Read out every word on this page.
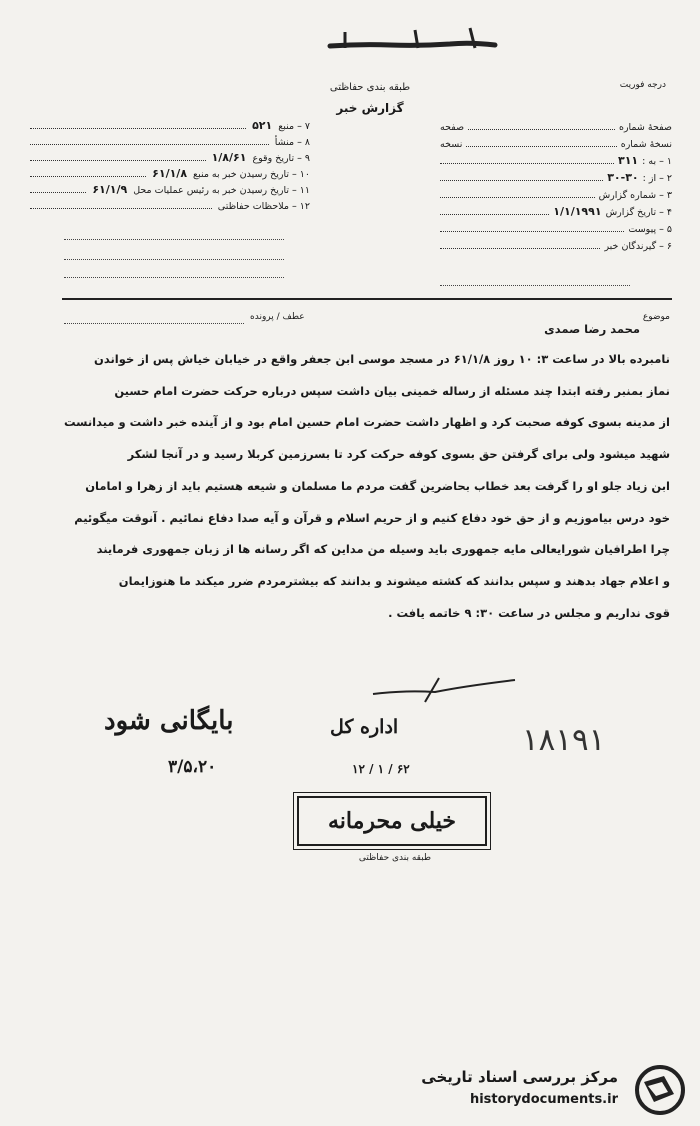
طبقه بندی حفاظتی
گزارش خبر
درجه فوریت
صفحهٔ شماره
صفحه
نسخهٔ شماره
نسخه
۱ – به :
۳۱۱
۲ – از :
۳۰-۳۰
۳ – شماره گزارش
۴ – تاریخ گزارش
۱/۱/۱۹۹۱
۵ – پیوست
۶ – گیرندگان خبر
۷ – منبع
۵۲۱
۸ – منشأ
۹ – تاریخ وقوع
۱/۸/۶۱
۱۰ – تاریخ رسیدن خبر به منبع
۶۱/۱/۸
۱۱ – تاریخ رسیدن خبر به رئیس عملیات محل
۶۱/۱/۹
۱۲ – ملاحظات حفاظتی
موضوع
عطف / پرونده
محمد رضا صمدی
نامبرده بالا در ساعت ۳: ۱۰ روز ۶۱/۱/۸ در مسجد موسی ابن جعفر واقع در خیابان خیاش پس از خواندن
نماز بمنبر رفته ابتدا چند مسئله از رساله خمینی بیان داشت سپس درباره حرکت حضرت امام حسین
از مدینه بسوی کوفه صحبت کرد و اظهار داشت حضرت امام حسین امام بود و از آینده خبر داشت و میدانست
شهید میشود ولی برای گرفتن حق بسوی کوفه حرکت کرد تا بسرزمین کربلا رسید و در آنجا لشکر
ابن زیاد جلو او را گرفت بعد خطاب بحاضرین گفت مردم ما مسلمان و شیعه هستیم باید از زهرا و امامان
خود درس بیاموزیم و از حق خود دفاع کنیم و از حریم اسلام و قرآن و آیه صدا دفاع نمائیم . آنوقت میگوئیم
چرا اطرافیان شورایعالی مایه جمهوری باید وسیله من مداین که اگر رسانه ها از زبان جمهوری فرمایند
و اعلام جهاد بدهند و سپس بدانند که کشته میشوند و بدانند که بیشترمردم ضرر میکند ما هنوزایمان
قوی نداریم و مجلس در ساعت ۳۰: ۹ خاتمه یافت .
بایگانی شود
۳/۵،۲۰
۱۸۱۹۱
اداره کل
۱۲ / ۱ / ۶۲
خیلی محرمانه
طبقه بندی حفاظتی
مرکز بررسی اسناد تاریخی
historydocuments.ir
